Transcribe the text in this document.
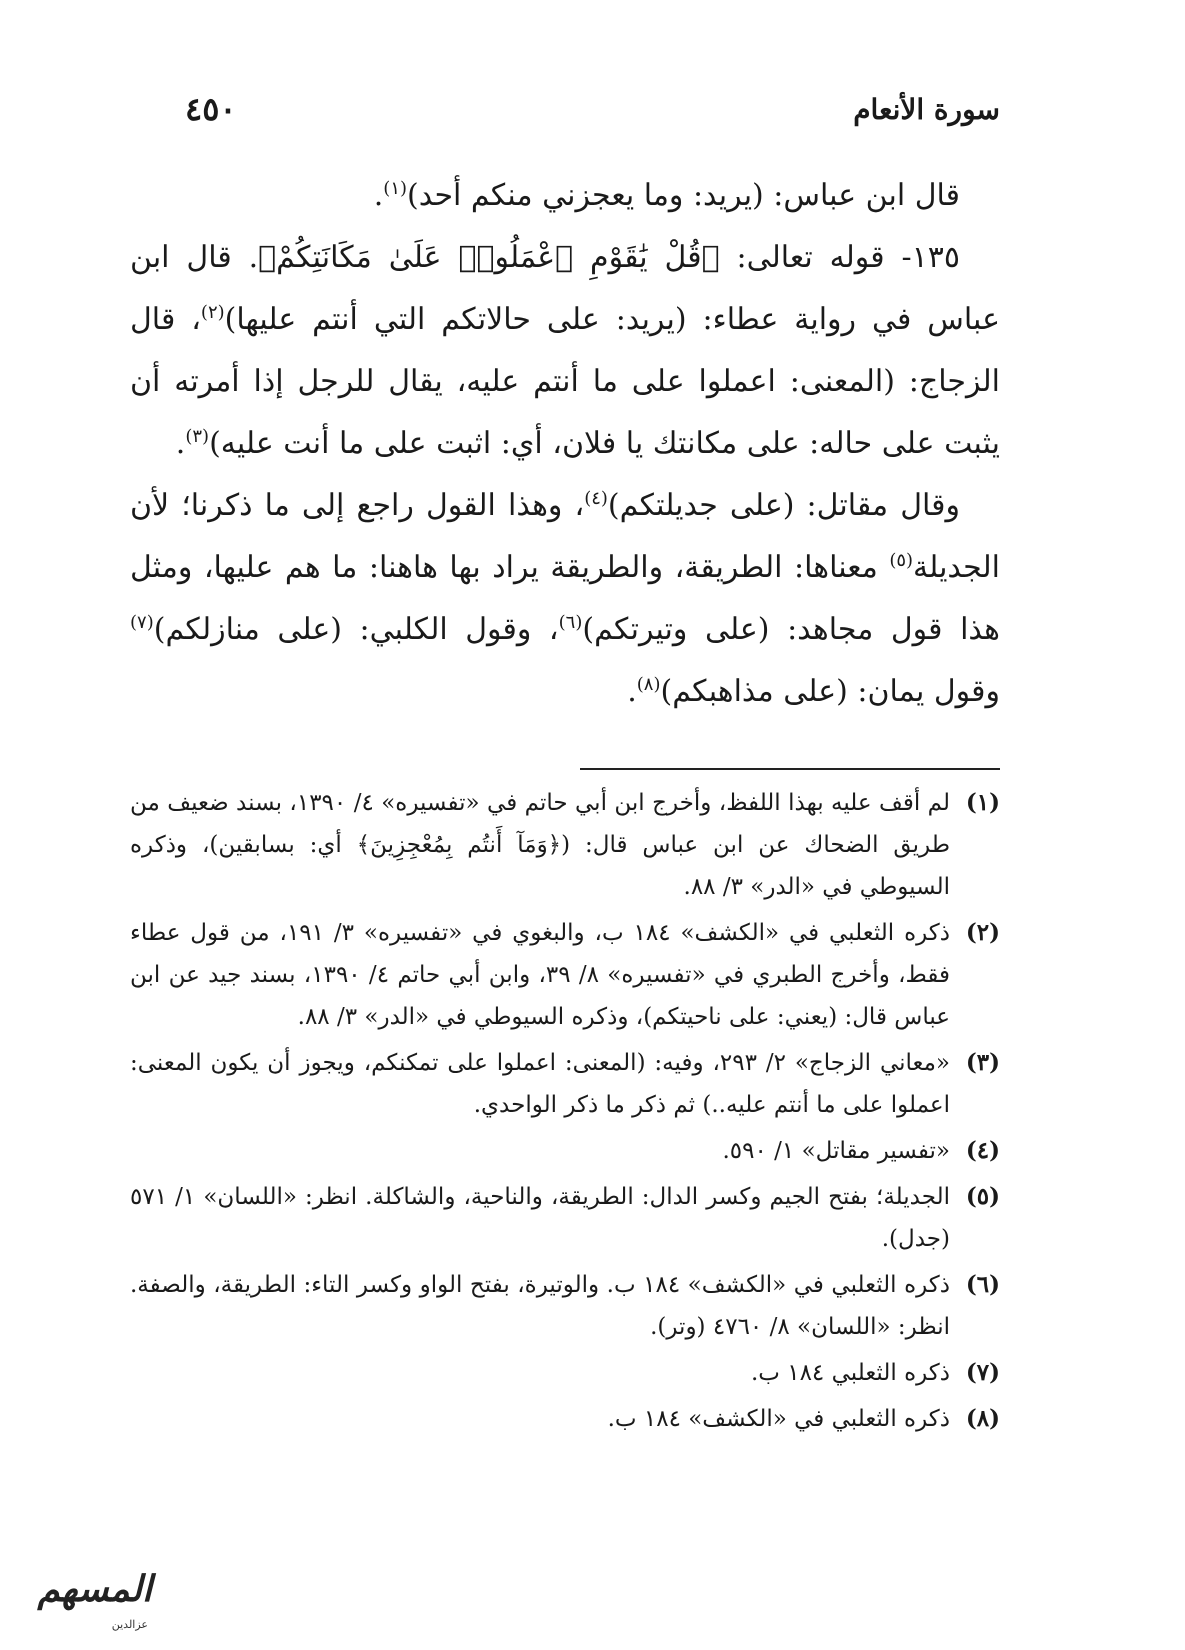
سورة الأنعام
٤٥٠

قال ابن عباس: (يريد: وما يعجزني منكم أحد)$^{(١)}$.

١٣٥- قوله تعالى: ﴿قُلْ يَٰقَوْمِ ٱعْمَلُوا۟ عَلَىٰ مَكَانَتِكُمْ﴾. قال ابن عباس في رواية عطاء: (يريد: على حالاتكم التي أنتم عليها)$^{(٢)}$، قال الزجاج: (المعنى: اعملوا على ما أنتم عليه، يقال للرجل إذا أمرته أن يثبت على حاله: على مكانتك يا فلان، أي: اثبت على ما أنت عليه)$^{(٣)}$.

وقال مقاتل: (على جديلتكم)$^{(٤)}$، وهذا القول راجع إلى ما ذكرنا؛ لأن الجديلة$^{(٥)}$ معناها: الطريقة، والطريقة يراد بها هاهنا: ما هم عليها، ومثل هذا قول مجاهد: (على وتيرتكم)$^{(٦)}$، وقول الكلبي: (على منازلكم)$^{(٧)}$ وقول يمان: (على مذاهبكم)$^{(٨)}$.

(١)
لم أقف عليه بهذا اللفظ، وأخرج ابن أبي حاتم في «تفسيره» ٤/ ١٣٩٠، بسند ضعيف من طريق الضحاك عن ابن عباس قال: (﴿وَمَآ أَنتُم بِمُعْجِزِينَ﴾ أي: بسابقين)، وذكره السيوطي في «الدر» ٣/ ٨٨.
(٢)
ذكره الثعلبي في «الكشف» ١٨٤ ب، والبغوي في «تفسيره» ٣/ ١٩١، من قول عطاء فقط، وأخرج الطبري في «تفسيره» ٨/ ٣٩، وابن أبي حاتم ٤/ ١٣٩٠، بسند جيد عن ابن عباس قال: (يعني: على ناحيتكم)، وذكره السيوطي في «الدر» ٣/ ٨٨.
(٣)
«معاني الزجاج» ٢/ ٢٩٣، وفيه: (المعنى: اعملوا على تمكنكم، ويجوز أن يكون المعنى: اعملوا على ما أنتم عليه..) ثم ذكر ما ذكر الواحدي.
(٤)
«تفسير مقاتل» ١/ ٥٩٠.
(٥)
الجديلة؛ بفتح الجيم وكسر الدال: الطريقة، والناحية، والشاكلة. انظر: «اللسان» ١/ ٥٧١ (جدل).
(٦)
ذكره الثعلبي في «الكشف» ١٨٤ ب. والوتيرة، بفتح الواو وكسر التاء: الطريقة، والصفة. انظر: «اللسان» ٨/ ٤٧٦٠ (وتر).
(٧)
ذكره الثعلبي ١٨٤ ب.
(٨)
ذكره الثعلبي في «الكشف» ١٨٤ ب.
المسهم
عزالدين
